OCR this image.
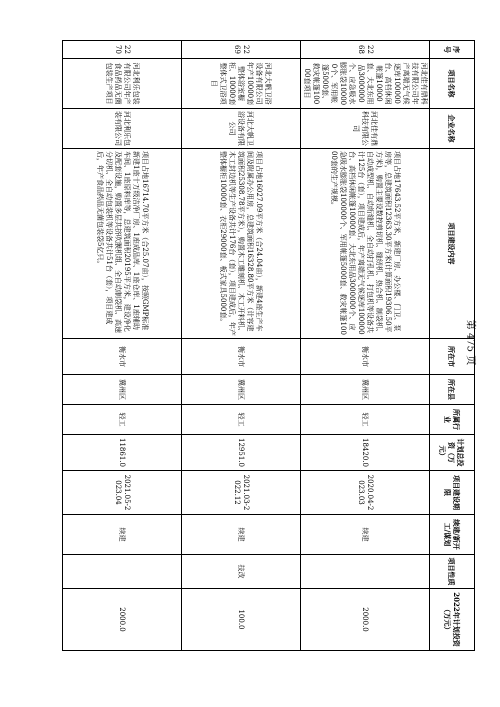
序号	项目名称	企业名称	项目建设内容	所在市	所在县	所属行业	计划总投资（万元）	项目建设期限	续建/新开工/谋划	项目性质	2022年计划投资（万元）
2268	河北佳有鼎科技有限公司年产离端无气候逐库100000台、高档休闲帐篷10000套、大北东用品3000000个、应急吸水膨胀袋100000个、军用帐篷5000套、救灾帐篷10000套项目	河北佳有鼎科技有限公司	项目占地17643.52平方米，新建厂房、办公楼、门卫、泵房等，总建筑面积12363.30平方米(计算面积19306.50平方米)，购置主要设数控剪切机、缝纫机、热合机、制袋机、自动成型机、自动绗缝机、全自动打孔机、打包机等设备共计125台（套），项目建成后，年产离端无气候逐库100000台、高档休闲帐篷10000套、大北东用品3000000个、应急吸水膨胀袋100000个、军用帐篷5000套、救灾帐篷10000套的生产规模。	衡水市	冀州区	轻工	18420.0	2020.04-2023.03	续建		2000.0
2269	河北大帆卫浴设备有限公司年产10000套整体浴室橱柜、10000套整体式卫浴项目	河北大帆卫浴设备有限公司	项目占地16027.09平方米（合24.04亩），新建4座生产车间及附属办公用房，总建筑面积16328.80平方米（计容建筑面积25308.78平方米），购置木工雕刻机、木工开料机、木工封边机等生产设备共计176台（套），项目建成后，年产整体橱柜10000套、衣柜29000套、板式家具5000套。	衡水市	冀州区	轻工	12951.0	2021.03-2022.12	续建	技改	100.0
2270	河北利乐包装有限公司年产食品药品无菌包装生产项目	河北利乐包装有限公司	项目占地16714.70平方米（合25.07亩），按照GMP标准新建1座十万级洁净厂房、1座成品库、1座仓库、1座辅助车间、1座原料库等，总建筑面积20195平方米，建设净化及配套设施，购置多层共挤吹膜机组、全自动制袋机、高速分切机、全自动包装机等设备共计51台（套），项目建成后，年产食品药品无菌包装袋5亿只。	衡水市	冀州区	轻工	11861.0	2021.05-2023.04	续建		2000.0
第 475 页
